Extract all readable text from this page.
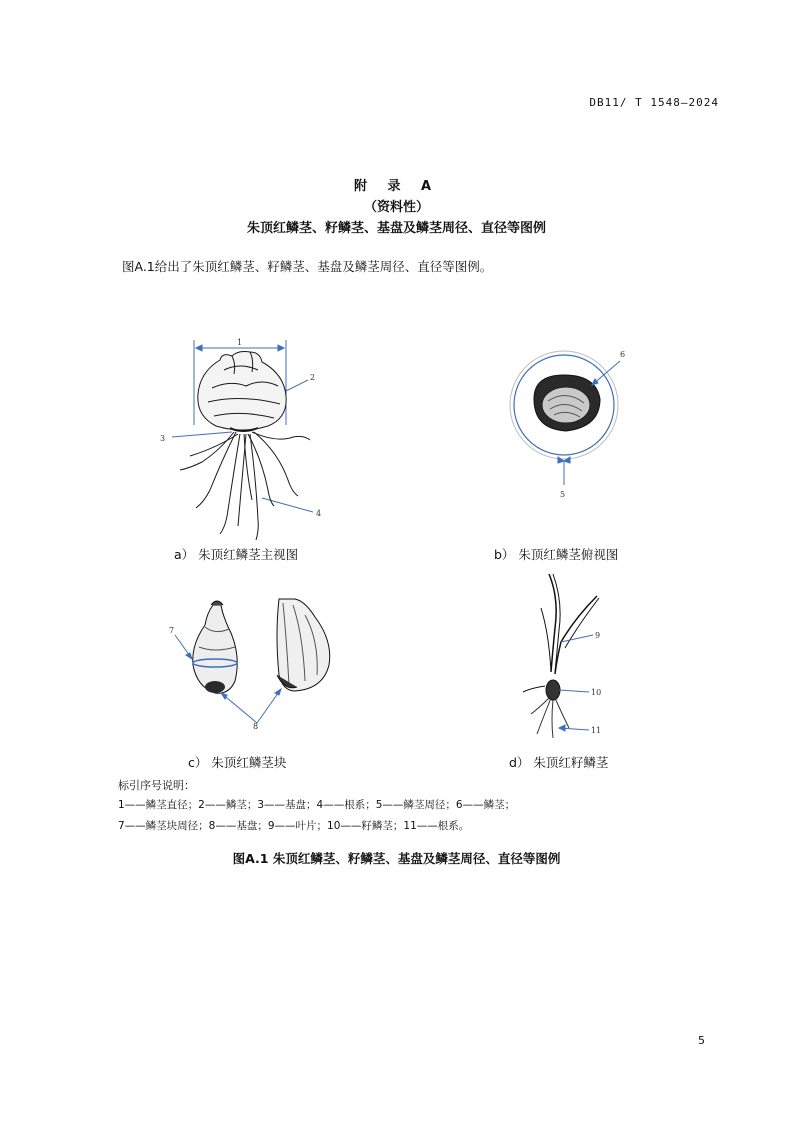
DB11/ T 1548—2024
附 录 A
（资料性）
朱顶红鳞茎、籽鳞茎、基盘及鳞茎周径、直径等图例
图A.1给出了朱顶红鳞茎、籽鳞茎、基盘及鳞茎周径、直径等图例。
1
2
3
4
6
5
7
8
9
10
11
a） 朱顶红鳞茎主视图	b） 朱顶红鳞茎俯视图
c） 朱顶红鳞茎块	d） 朱顶红籽鳞茎
标引序号说明：
1——鳞茎直径；2——鳞茎；3——基盘；4——根系；5——鳞茎周径；6——鳞茎；
7——鳞茎块周径；8——基盘；9——叶片；10——籽鳞茎；11——根系。
图A.1 朱顶红鳞茎、籽鳞茎、基盘及鳞茎周径、直径等图例
5
